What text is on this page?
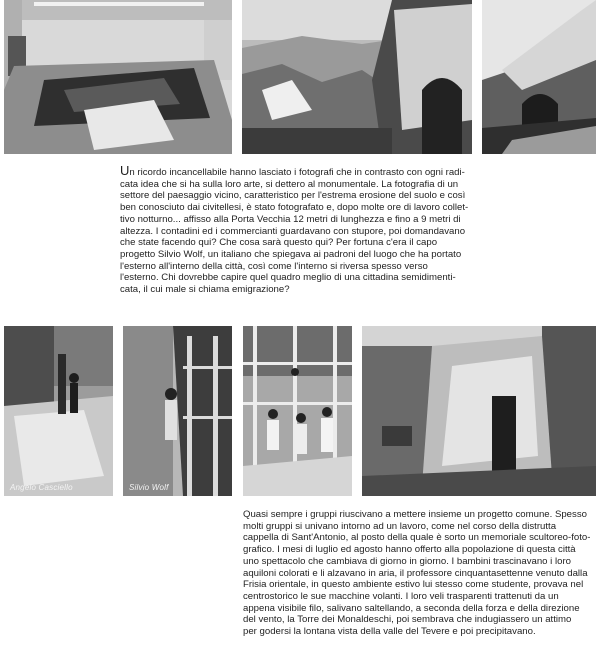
Un ricordo incancellabile hanno lasciato i fotografi che in contrasto con ogni radi-
cata idea che si ha sulla loro arte, si dettero al monumentale. La fotografia di un
settore del paesaggio vicino, caratteristico per l'estrema erosione del suolo e così
ben conosciuto dai civitellesi, è stato fotografato e, dopo molte ore di lavoro collet-
tivo notturno... affisso alla Porta Vecchia 12 metri di lunghezza e fino a 9 metri di
altezza. I contadini ed i commercianti guardavano con stupore, poi domandavano
che state facendo qui? Che cosa sarà questo qui? Per fortuna c'era il capo
progetto Silvio Wolf, un italiano che spiegava ai padroni del luogo che ha portato
l'esterno all'interno della città, così come l'interno si riversa spesso verso
l'esterno. Chi dovrebbe capire quel quadro meglio di una cittadina semidimenti-
cata, il cui male si chiama emigrazione?
Angelo Casciello	Silvio Wolf
Quasi sempre i gruppi riuscivano a mettere insieme un progetto comune. Spesso
molti gruppi si univano intorno ad un lavoro, come nel corso della distrutta
cappella di Sant'Antonio, al posto della quale è sorto un memoriale scultoreo-foto-
grafico. I mesi di luglio ed agosto hanno offerto alla popolazione di questa città
uno spettacolo che cambiava di giorno in giorno. I bambini trascinavano i loro
aquiloni colorati e li alzavano in aria, il professore cinquantasettenne venuto dalla
Frisia orientale, in questo ambiente estivo lui stesso come studente, provava nel
centrostorico le sue macchine volanti. I loro veli trasparenti trattenuti da un
appena visibile filo, salivano saltellando, a seconda della forza e della direzione
del vento, la Torre dei Monaldeschi, poi sembrava che indugiassero un attimo
per godersi la lontana vista della valle del Tevere e poi precipitavano.
